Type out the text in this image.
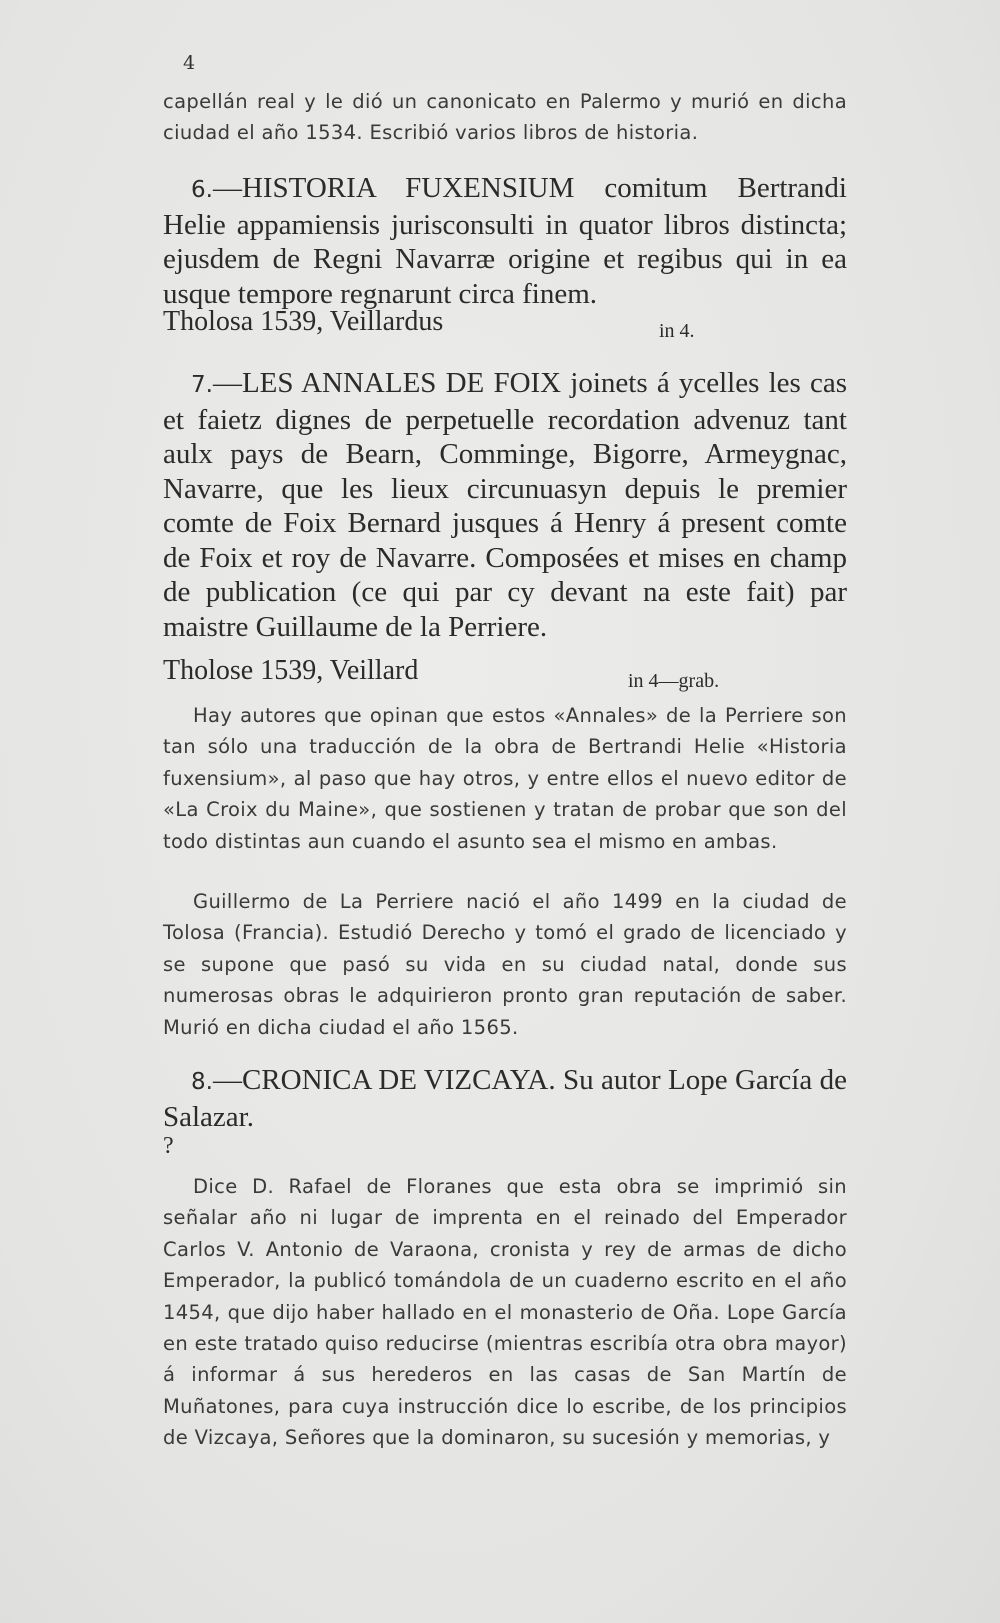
4

capellán real y le dió un canonicato en Palermo y murió en dicha ciudad el año 1534. Escribió varios libros de historia.

6.—HISTORIA FUXENSIUM comitum Bertrandi Helie appamiensis jurisconsulti in quator libros distincta; ejusdem de Regni Navarræ origine et regibus qui in ea usque tempore regnarunt circa finem.
Tholosa 1539, Veillardus	in 4.
7.—LES ANNALES DE FOIX joinets á ycelles les cas et faietz dignes de perpetuelle recordation advenuz tant aulx pays de Bearn, Comminge, Bigorre, Armeygnac, Navarre, que les lieux circunuasyn depuis le premier comte de Foix Bernard jusques á Henry á present comte de Foix et roy de Navarre. Composées et mises en champ de publication (ce qui par cy devant na este fait) par maistre Guillaume de la Perriere.
Tholose 1539, Veillard	in 4—grab.

Hay autores que opinan que estos «Annales» de la Perriere son tan sólo una traducción de la obra de Bertrandi Helie «Historia fuxensium», al paso que hay otros, y entre ellos el nuevo editor de «La Croix du Maine», que sostienen y tratan de probar que son del todo distintas aun cuando el asunto sea el mismo en ambas.

Guillermo de La Perriere nació el año 1499 en la ciudad de Tolosa (Francia). Estudió Derecho y tomó el grado de licenciado y se supone que pasó su vida en su ciudad natal, donde sus numerosas obras le adquirieron pronto gran reputación de saber. Murió en dicha ciudad el año 1565.

8.—CRONICA DE VIZCAYA. Su autor Lope García de Salazar.
?

Dice D. Rafael de Floranes que esta obra se imprimió sin señalar año ni lugar de imprenta en el reinado del Emperador Carlos V. Antonio de Varaona, cronista y rey de armas de dicho Emperador, la publicó tomándola de un cuaderno escrito en el año 1454, que dijo haber hallado en el monasterio de Oña. Lope García en este tratado quiso reducirse (mientras escribía otra obra mayor) á informar á sus herederos en las casas de San Martín de Muñatones, para cuya instrucción dice lo escribe, de los principios de Vizcaya, Señores que la dominaron, su sucesión y memorias, y
